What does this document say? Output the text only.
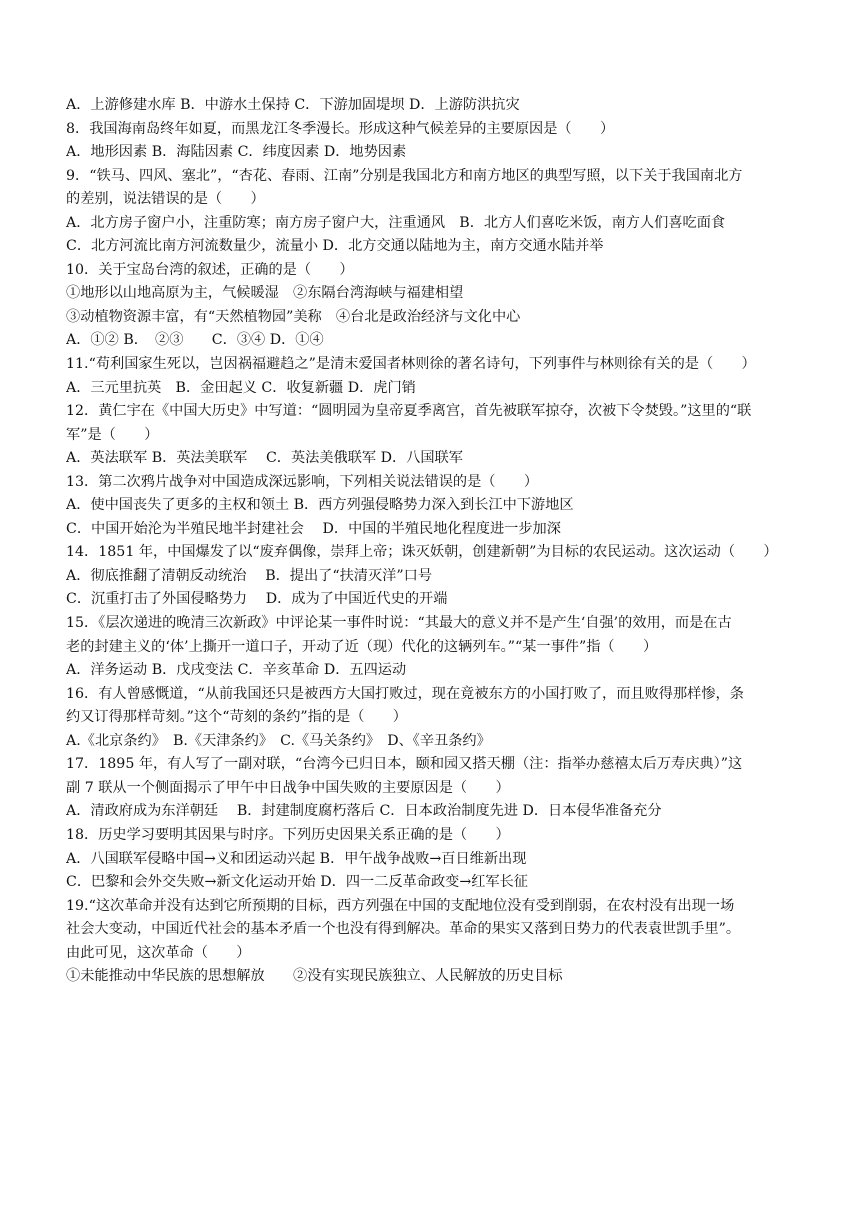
A．上游修建水库 B．中游水土保持 C．下游加固堤坝 D．上游防洪抗灾
8．我国海南岛终年如夏，而黑龙江冬季漫长。形成这种气候差异的主要原因是（　　）
A．地形因素 B．海陆因素 C．纬度因素 D．地势因素
9．“铁马、四风、塞北”，“杏花、春雨、江南”分别是我国北方和南方地区的典型写照，以下关于我国南北方
的差别，说法错误的是（　　）
A．北方房子窗户小，注重防寒；南方房子窗户大，注重通风　B．北方人们喜吃米饭，南方人们喜吃面食
C．北方河流比南方河流数量少，流量小 D．北方交通以陆地为主，南方交通水陆并举
10．关于宝岛台湾的叙述，正确的是（　　）
①地形以山地高原为主，气候暖湿　②东隔台湾海峡与福建相望
③动植物资源丰富，有“天然植物园”美称　④台北是政治经济与文化中心
A．①② B．　②③　　C．③④ D．①④
11.“苟利国家生死以，岂因祸福避趋之”是清末爱国者林则徐的著名诗句，下列事件与林则徐有关的是（　　）
A．三元里抗英　B．金田起义 C．收复新疆 D．虎门销
12．黄仁宇在《中国大历史》中写道：“圆明园为皇帝夏季离宫，首先被联军掠夺，次被下令焚毁。”这里的“联
军”是（　　）
A．英法联军 B．英法美联军　 C．英法美俄联军 D．八国联军
13．第二次鸦片战争对中国造成深远影响，下列相关说法错误的是（　　）
A．使中国丧失了更多的主权和领土 B．西方列强侵略势力深入到长江中下游地区
C．中国开始沦为半殖民地半封建社会　 D．中国的半殖民地化程度进一步加深
14．1851 年，中国爆发了以“废弃偶像，崇拜上帝；诛灭妖朝，创建新朝”为目标的农民运动。这次运动（　　）
A．彻底推翻了清朝反动统治　 B．提出了“扶清灭洋”口号
C．沉重打击了外国侵略势力　 D．成为了中国近代史的开端
15．《层次递进的晚清三次新政》中评论某一事件时说：“其最大的意义并不是产生‘自强’的效用，而是在古
老的封建主义的‘体’上撕开一道口子，开动了近（现）代化的这辆列车。”“某一事件”指（　　）
A．洋务运动 B．戊戌变法 C．辛亥革命 D．五四运动
16．有人曾感慨道，“从前我国还只是被西方大国打败过，现在竟被东方的小国打败了，而且败得那样惨，条
约又订得那样苛刻。”这个“苛刻的条约”指的是（　　）
A.《北京条约》　B.《天津条约》　C.《马关条约》　D、《辛丑条约》
17．1895 年，有人写了一副对联，“台湾今已归日本，颐和园又搭天棚（注：指举办慈禧太后万寿庆典）”这
副 7 联从一个侧面揭示了甲午中日战争中国失败的主要原因是（　　）
A．清政府成为东洋朝廷　 B．封建制度腐朽落后 C．日本政治制度先进 D．日本侵华准备充分
18．历史学习要明其因果与时序。下列历史因果关系正确的是（　　）
A．八国联军侵略中国→义和团运动兴起 B．甲午战争战败→百日维新出现
C．巴黎和会外交失败→新文化运动开始 D．四一二反革命政变→红军长征
19.“这次革命并没有达到它所预期的目标，西方列强在中国的支配地位没有受到削弱，在农村没有出现一场
社会大变动，中国近代社会的基本矛盾一个也没有得到解决。革命的果实又落到日势力的代表袁世凯手里”。
由此可见，这次革命（　　）
①未能推动中华民族的思想解放　　②没有实现民族独立、人民解放的历史目标
